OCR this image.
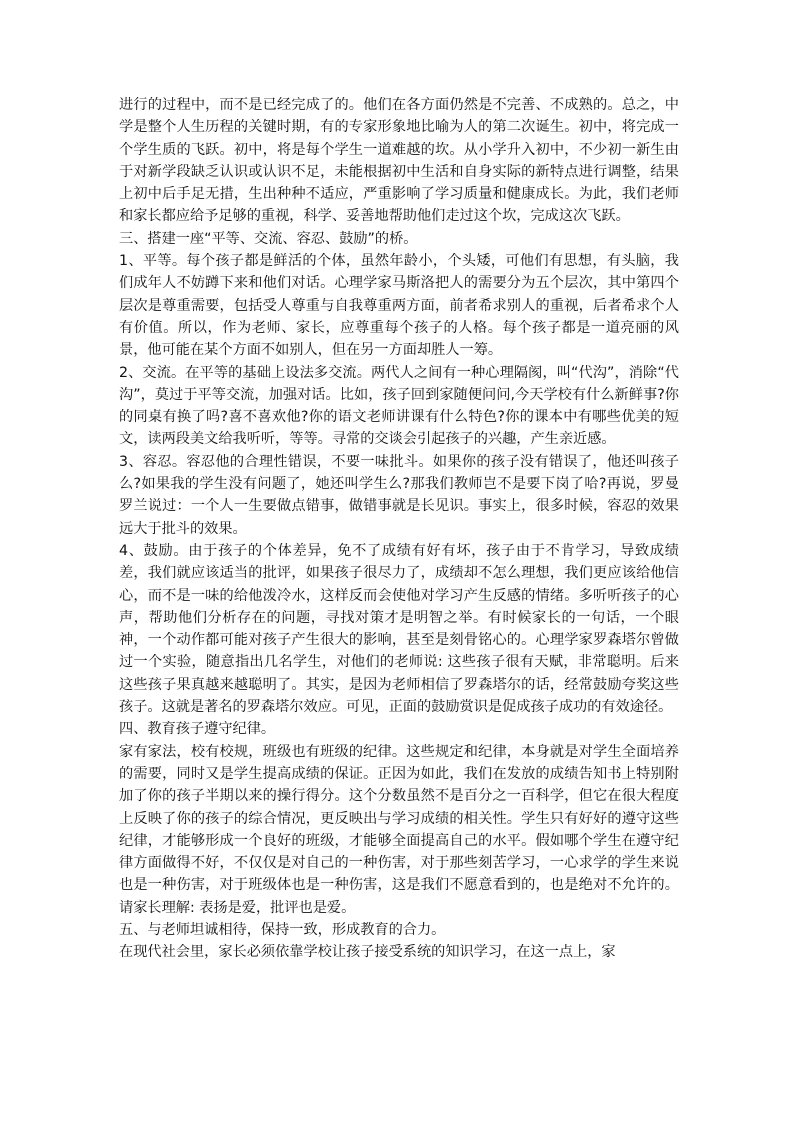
进行的过程中，而不是已经完成了的。他们在各方面仍然是不完善、不成熟的。总之，中学是整个人生历程的关键时期，有的专家形象地比喻为人的第二次诞生。初中，将完成一个学生质的飞跃。初中，将是每个学生一道难越的坎。从小学升入初中，不少初一新生由于对新学段缺乏认识或认识不足，未能根据初中生活和自身实际的新特点进行调整，结果上初中后手足无措，生出种种不适应，严重影响了学习质量和健康成长。为此，我们老师和家长都应给予足够的重视，科学、妥善地帮助他们走过这个坎，完成这次飞跃。

三、搭建一座“平等、交流、容忍、鼓励”的桥。

1、平等。每个孩子都是鲜活的个体，虽然年龄小，个头矮，可他们有思想，有头脑，我们成年人不妨蹲下来和他们对话。心理学家马斯洛把人的需要分为五个层次，其中第四个层次是尊重需要，包括受人尊重与自我尊重两方面，前者希求别人的重视，后者希求个人有价值。所以，作为老师、家长，应尊重每个孩子的人格。每个孩子都是一道亮丽的风景，他可能在某个方面不如别人，但在另一方面却胜人一筹。

2、交流。在平等的基础上设法多交流。两代人之间有一种心理隔阂，叫“代沟”，消除“代沟”，莫过于平等交流，加强对话。比如，孩子回到家随便问问,今天学校有什么新鲜事?你的同桌有换了吗?喜不喜欢他?你的语文老师讲课有什么特色?你的课本中有哪些优美的短文，读两段美文给我听听，等等。寻常的交谈会引起孩子的兴趣，产生亲近感。

3、容忍。容忍他的合理性错误，不要一味批斗。如果你的孩子没有错误了，他还叫孩子么?如果我的学生没有问题了，她还叫学生么?那我们教师岂不是要下岗了哈?再说，罗曼罗兰说过：一个人一生要做点错事，做错事就是长见识。事实上，很多时候，容忍的效果远大于批斗的效果。

4、鼓励。由于孩子的个体差异，免不了成绩有好有坏，孩子由于不肯学习，导致成绩差，我们就应该适当的批评，如果孩子很尽力了，成绩却不怎么理想，我们更应该给他信心，而不是一味的给他泼冷水，这样反而会使他对学习产生反感的情绪。多听听孩子的心声，帮助他们分析存在的问题，寻找对策才是明智之举。有时候家长的一句话，一个眼神，一个动作都可能对孩子产生很大的影响，甚至是刻骨铭心的。心理学家罗森塔尔曾做过一个实验，随意指出几名学生，对他们的老师说: 这些孩子很有天赋，非常聪明。后来这些孩子果真越来越聪明了。其实，是因为老师相信了罗森塔尔的话，经常鼓励夸奖这些孩子。这就是著名的罗森塔尔效应。可见，正面的鼓励赏识是促成孩子成功的有效途径。

四、教育孩子遵守纪律。

家有家法，校有校规，班级也有班级的纪律。这些规定和纪律，本身就是对学生全面培养的需要，同时又是学生提高成绩的保证。正因为如此，我们在发放的成绩告知书上特别附加了你的孩子半期以来的操行得分。这个分数虽然不是百分之一百科学，但它在很大程度上反映了你的孩子的综合情况，更反映出与学习成绩的相关性。学生只有好好的遵守这些纪律，才能够形成一个良好的班级，才能够全面提高自己的水平。假如哪个学生在遵守纪律方面做得不好，不仅仅是对自己的一种伤害，对于那些刻苦学习，一心求学的学生来说也是一种伤害，对于班级体也是一种伤害，这是我们不愿意看到的，也是绝对不允许的。请家长理解: 表扬是爱，批评也是爱。

五、与老师坦诚相待，保持一致，形成教育的合力。

在现代社会里，家长必须依靠学校让孩子接受系统的知识学习，在这一点上，家
